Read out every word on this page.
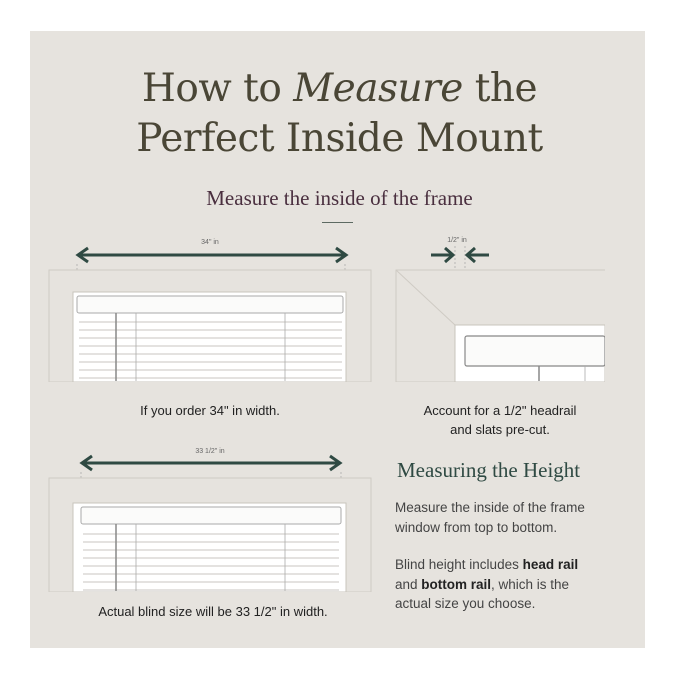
How to Measure the
Perfect Inside Mount
Measure the inside of the frame
34" in
If you order 34" in width.
1/2" in
Account for a 1/2" headrail
and slats pre-cut.
33 1/2" in
Actual blind size will be 33 1/2" in width.
Measuring the Height
Measure the inside of the frame
window from top to bottom.
Blind height includes head rail
and bottom rail, which is the
actual size you choose.
